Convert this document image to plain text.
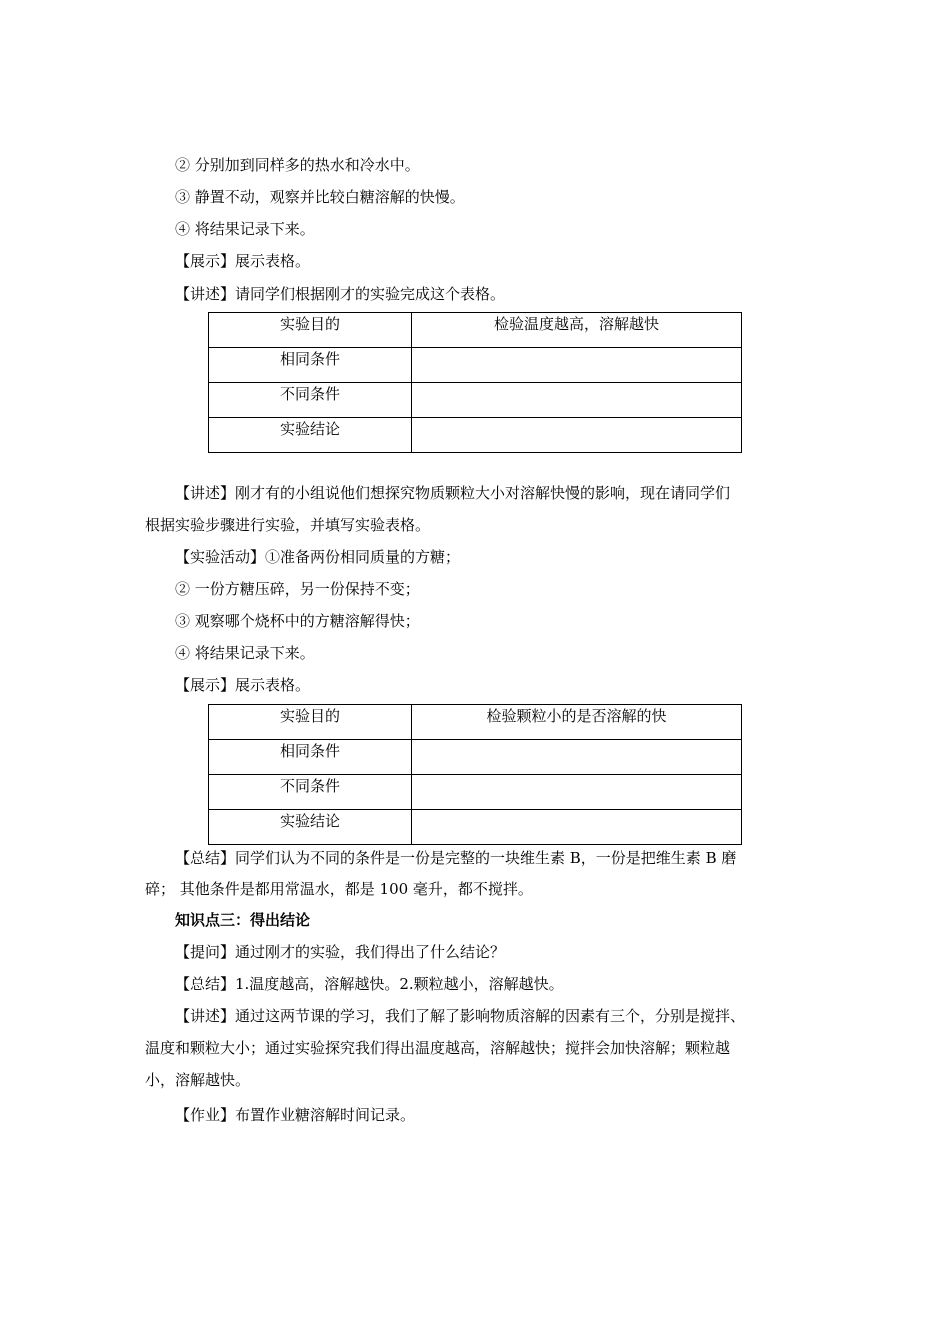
② 分别加到同样多的热水和冷水中。
③ 静置不动，观察并比较白糖溶解的快慢。
④ 将结果记录下来。
【展示】展示表格。
【讲述】请同学们根据刚才的实验完成这个表格。
实验目的	检验温度越高，溶解越快
相同条件	
不同条件	
实验结论	
【讲述】刚才有的小组说他们想探究物质颗粒大小对溶解快慢的影响，现在请同学们
根据实验步骤进行实验，并填写实验表格。
【实验活动】①准备两份相同质量的方糖；
② 一份方糖压碎，另一份保持不变；
③ 观察哪个烧杯中的方糖溶解得快；
④ 将结果记录下来。
【展示】展示表格。
实验目的	检验颗粒小的是否溶解的快
相同条件	
不同条件	
实验结论	
【总结】同学们认为不同的条件是一份是完整的一块维生素 B，一份是把维生素 B 磨
碎； 其他条件是都用常温水，都是 100 毫升，都不搅拌。
知识点三：得出结论
【提问】通过刚才的实验，我们得出了什么结论？
【总结】1.温度越高，溶解越快。2.颗粒越小，溶解越快。
【讲述】通过这两节课的学习，我们了解了影响物质溶解的因素有三个，分别是搅拌、
温度和颗粒大小；通过实验探究我们得出温度越高，溶解越快；搅拌会加快溶解；颗粒越
小，溶解越快。
【作业】布置作业糖溶解时间记录。
